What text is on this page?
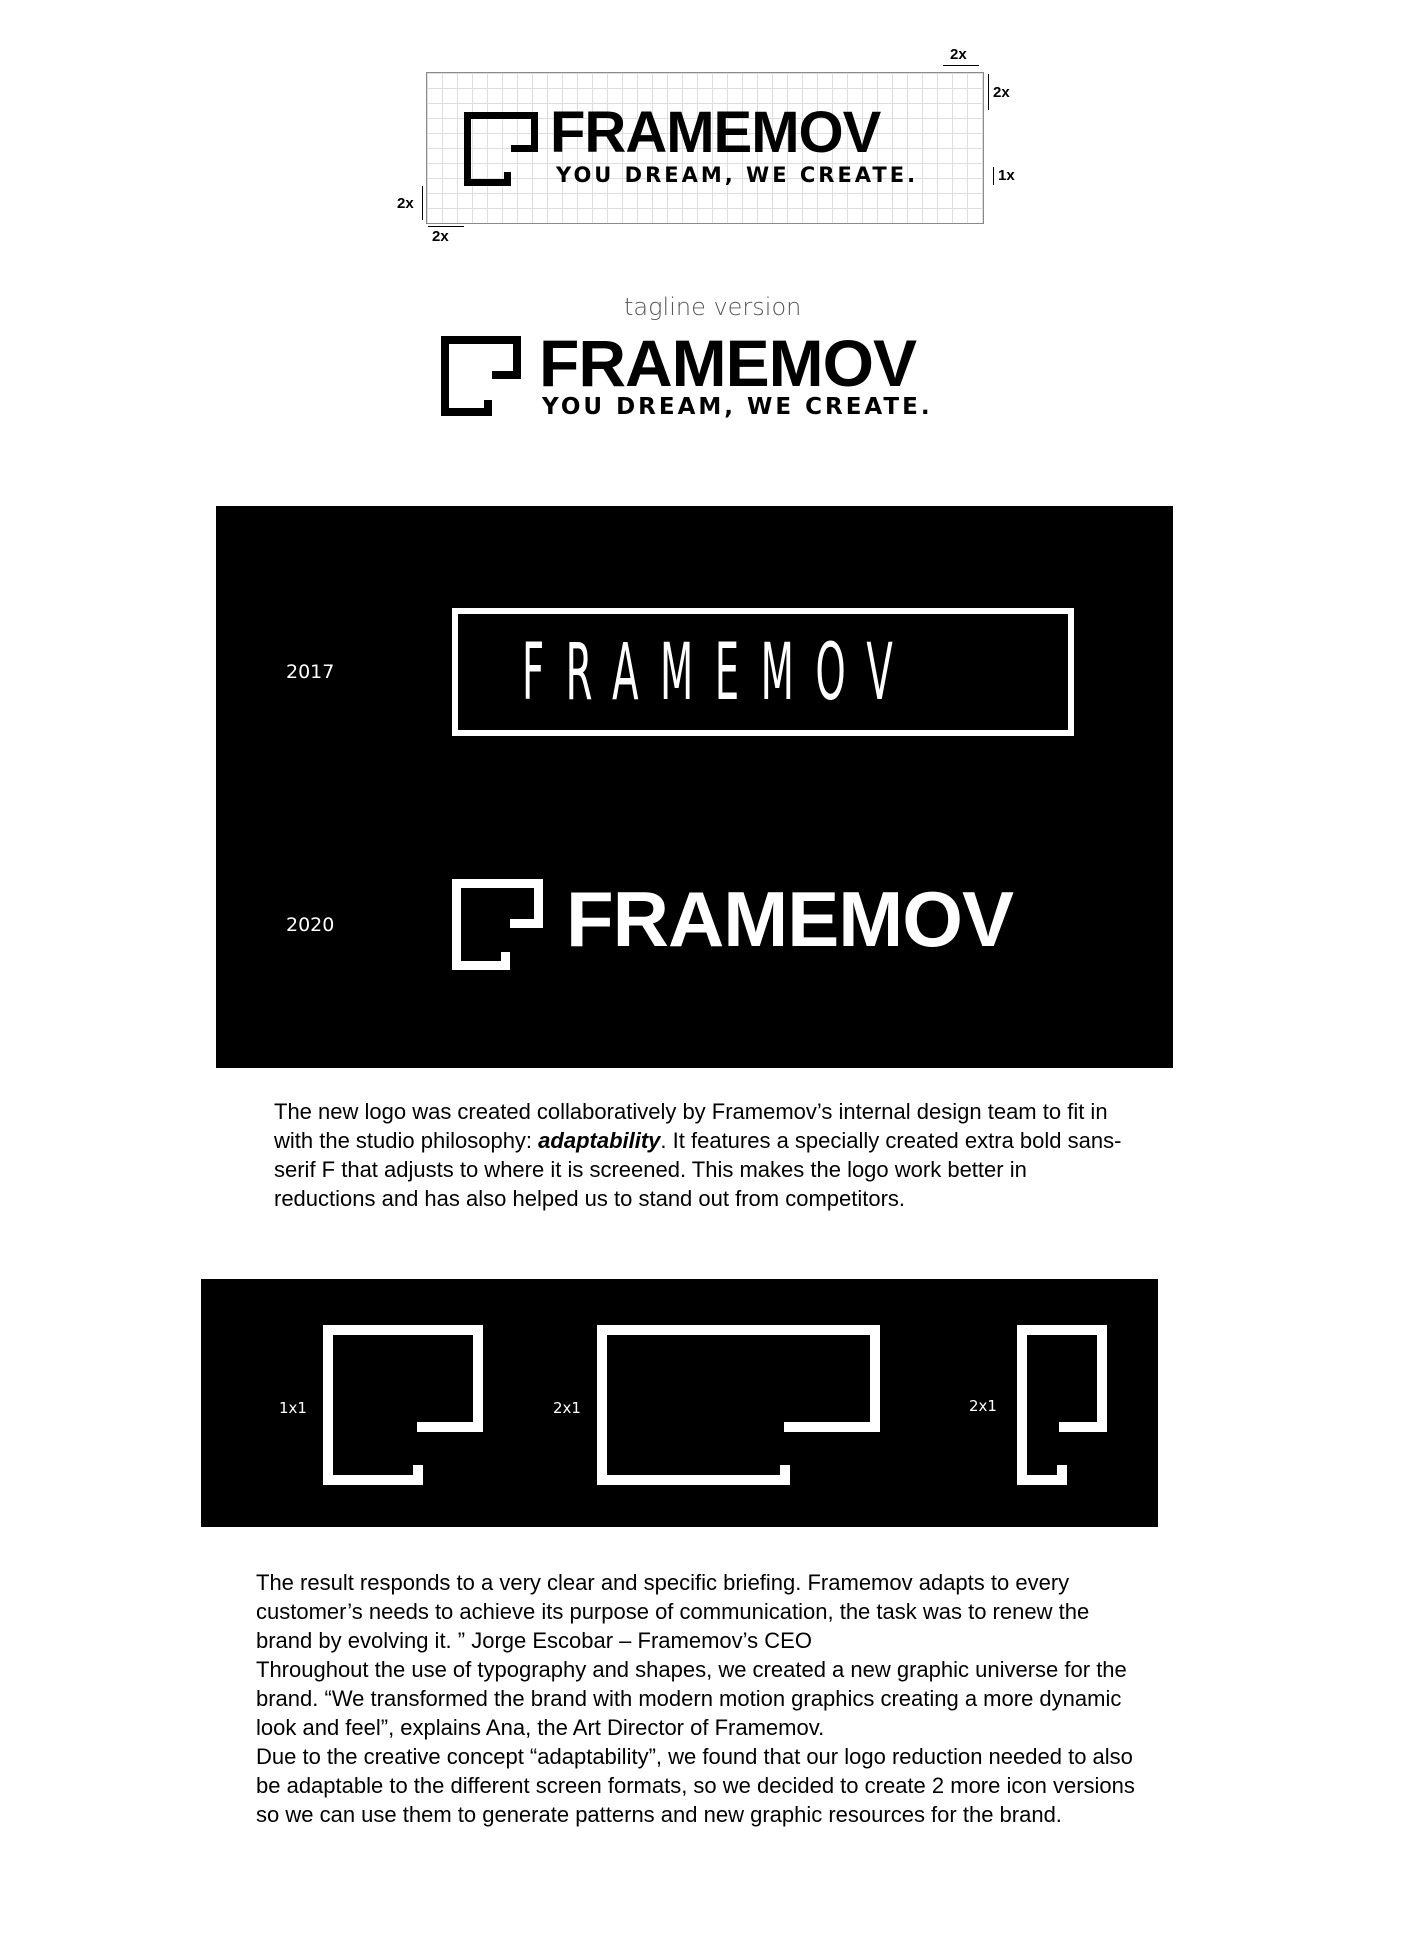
2x
2x
1x
2x
2x
FRAMEMOV
YOU DREAM, WE CREATE.
tagline version
FRAMEMOV
YOU DREAM, WE CREATE.
2017 FRAMEMOV
2020	FRAMEMOV
The new logo was created collaboratively by Framemov’s internal design team to fit in with the studio philosophy: adaptability. It features a specially created extra bold sans-serif F that adjusts to where it is screened. This makes the logo work better in reductions and has also helped us to stand out from competitors.
1x1	2x1	2x1

The result responds to a very clear and specific briefing. Framemov adapts to every customer’s needs to achieve its purpose of communication, the task was to renew the brand by evolving it. ” Jorge Escobar – Framemov’s CEO

Throughout the use of typography and shapes, we created a new graphic universe for the brand. “We transformed the brand with modern motion graphics creating a more dynamic look and feel”, explains Ana, the Art Director of Framemov.

Due to the creative concept “adaptability”, we found that our logo reduction needed to also be adaptable to the different screen formats, so we decided to create 2 more icon versions so we can use them to generate patterns and new graphic resources for the brand.
